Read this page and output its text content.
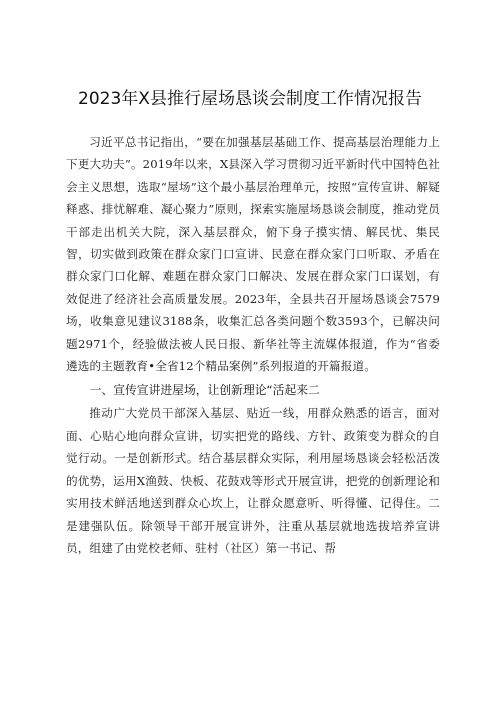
2023年X县推行屋场恳谈会制度工作情况报告

习近平总书记指出，“要在加强基层基础工作、提高基层治理能力上下更大功夫”。2019年以来，X县深入学习贯彻习近平新时代中国特色社会主义思想，选取“屋场”这个最小基层治理单元，按照“宣传宣讲、解疑释惑、排忧解难、凝心聚力”原则，探索实施屋场恳谈会制度，推动党员干部走出机关大院，深入基层群众，俯下身子摸实情、解民忧、集民智，切实做到政策在群众家门口宣讲、民意在群众家门口听取、矛盾在群众家门口化解、难题在群众家门口解决、发展在群众家门口谋划，有效促进了经济社会高质量发展。2023年，全县共召开屋场恳谈会7579场，收集意见建议3188条，收集汇总各类问题个数3593个，已解决问题2971个，经验做法被人民日报、新华社等主流媒体报道，作为“省委遴选的主题教育•全省12个精品案例”系列报道的开篇报道。

一、宣传宣讲进屋场，让创新理论“活起来二

推动广大党员干部深入基层、贴近一线，用群众熟悉的语言，面对面、心贴心地向群众宣讲，切实把党的路线、方针、政策变为群众的自觉行动。一是创新形式。结合基层群众实际，利用屋场恳谈会轻松活泼的优势，运用X渔鼓、快板、花鼓戏等形式开展宣讲，把党的创新理论和实用技术鲜活地送到群众心坎上，让群众愿意听、听得懂、记得住。二是建强队伍。除领导干部开展宣讲外，注重从基层就地选拔培养宣讲员，组建了由党校老师、驻村（社区）第一书记、帮
